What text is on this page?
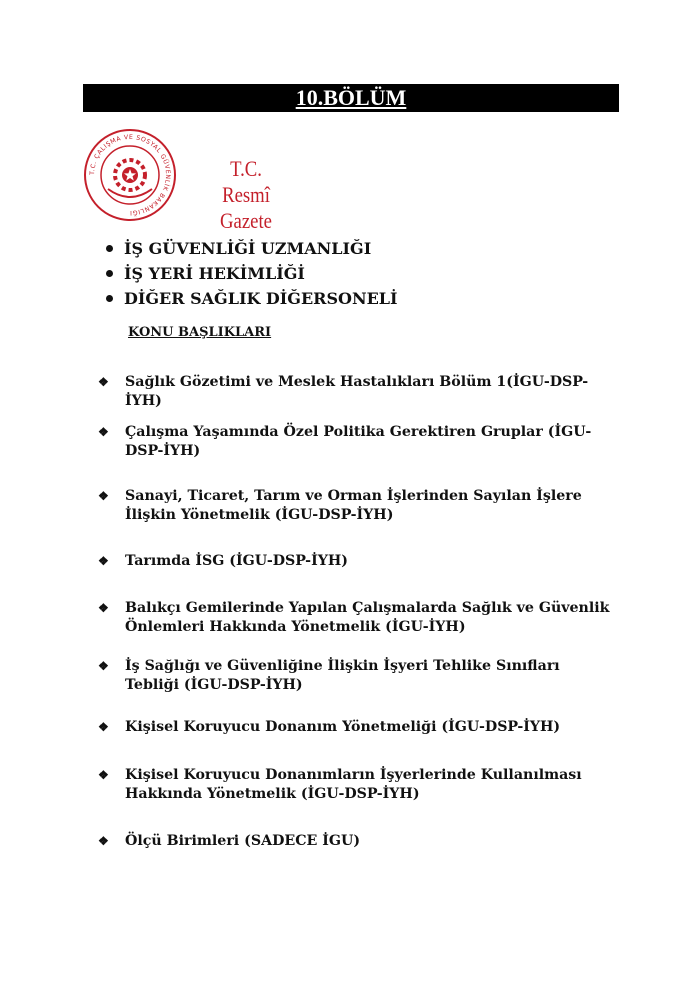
10.BÖLÜM
T.C. ÇALIŞMA VE SOSYAL GÜVENLİK BAKANLIĞI
T.C.
Resmî Gazete
İŞ GÜVENLİĞİ UZMANLIĞI
İŞ YERİ HEKİMLİĞİ
DİĞER SAĞLIK DİĞERSONELİ
KONU BAŞLIKLARI
❖	Sağlık Gözetimi ve Meslek Hastalıkları Bölüm 1(İGU-DSP-İYH)
❖	Çalışma Yaşamında Özel Politika Gerektiren Gruplar (İGU-DSP-İYH)
❖	Sanayi, Ticaret, Tarım ve Orman İşlerinden Sayılan İşlere İlişkin Yönetmelik (İGU-DSP-İYH)
❖	Tarımda İSG (İGU-DSP-İYH)
❖	Balıkçı Gemilerinde Yapılan Çalışmalarda Sağlık ve Güvenlik Önlemleri Hakkında Yönetmelik (İGU-İYH)
❖	İş Sağlığı ve Güvenliğine İlişkin İşyeri Tehlike Sınıfları Tebliği (İGU-DSP-İYH)
❖	Kişisel Koruyucu Donanım Yönetmeliği (İGU-DSP-İYH)
❖	Kişisel Koruyucu Donanımların İşyerlerinde Kullanılması Hakkında Yönetmelik (İGU-DSP-İYH)
❖	Ölçü Birimleri (SADECE İGU)
